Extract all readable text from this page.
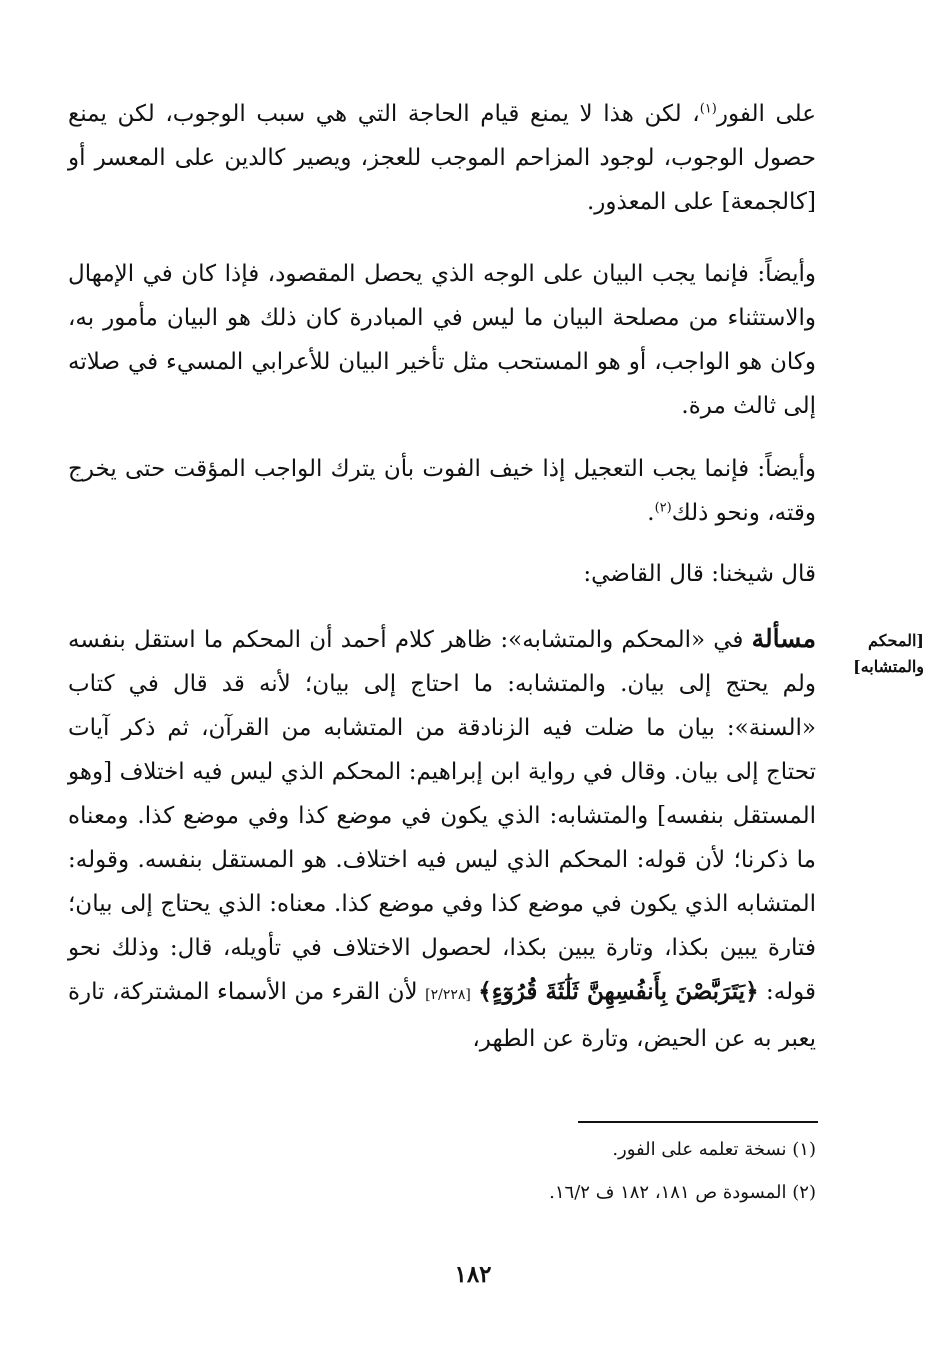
على الفور$^{(١)}$، لكن هذا لا يمنع قيام الحاجة التي هي سبب الوجوب، لكن يمنع حصول الوجوب، لوجود المزاحم الموجب للعجز، ويصير كالدين على المعسر أو [كالجمعة] على المعذور.

وأيضاً: فإنما يجب البيان على الوجه الذي يحصل المقصود، فإذا كان في الإمهال والاستثناء من مصلحة البيان ما ليس في المبادرة كان ذلك هو البيان مأمور به، وكان هو الواجب، أو هو المستحب مثل تأخير البيان للأعرابي المسيء في صلاته إلى ثالث مرة.

وأيضاً: فإنما يجب التعجيل إذا خيف الفوت بأن يترك الواجب المؤقت حتى يخرج وقته، ونحو ذلك$^{(٢)}$.

قال شيخنا: قال القاضي:

مسألة في «المحكم والمتشابه»: ظاهر كلام أحمد أن المحكم ما استقل بنفسه ولم يحتج إلى بيان. والمتشابه: ما احتاج إلى بيان؛ لأنه قد قال في كتاب «السنة»: بيان ما ضلت فيه الزنادقة من المتشابه من القرآن، ثم ذكر آيات تحتاج إلى بيان. وقال في رواية ابن إبراهيم: المحكم الذي ليس فيه اختلاف [وهو المستقل بنفسه] والمتشابه: الذي يكون في موضع كذا وفي موضع كذا. ومعناه ما ذكرنا؛ لأن قوله: المحكم الذي ليس فيه اختلاف. هو المستقل بنفسه. وقوله: المتشابه الذي يكون في موضع كذا وفي موضع كذا. معناه: الذي يحتاج إلى بيان؛ فتارة يبين بكذا، وتارة يبين بكذا، لحصول الاختلاف في تأويله، قال: وذلك نحو قوله: ﴿يَتَرَبَّصْنَ بِأَنفُسِهِنَّ ثَلَٰثَةَ قُرُوٓءٍ﴾ [٢/٢٢٨] لأن القرء من الأسماء المشتركة، تارة يعبر به عن الحيض، وتارة عن الطهر،

[المحكم
والمتشابه]
(١) نسخة تعلمه على الفور.
(٢) المسودة ص ١٨١، ١٨٢ ف ١٦/٢.
١٨٢
